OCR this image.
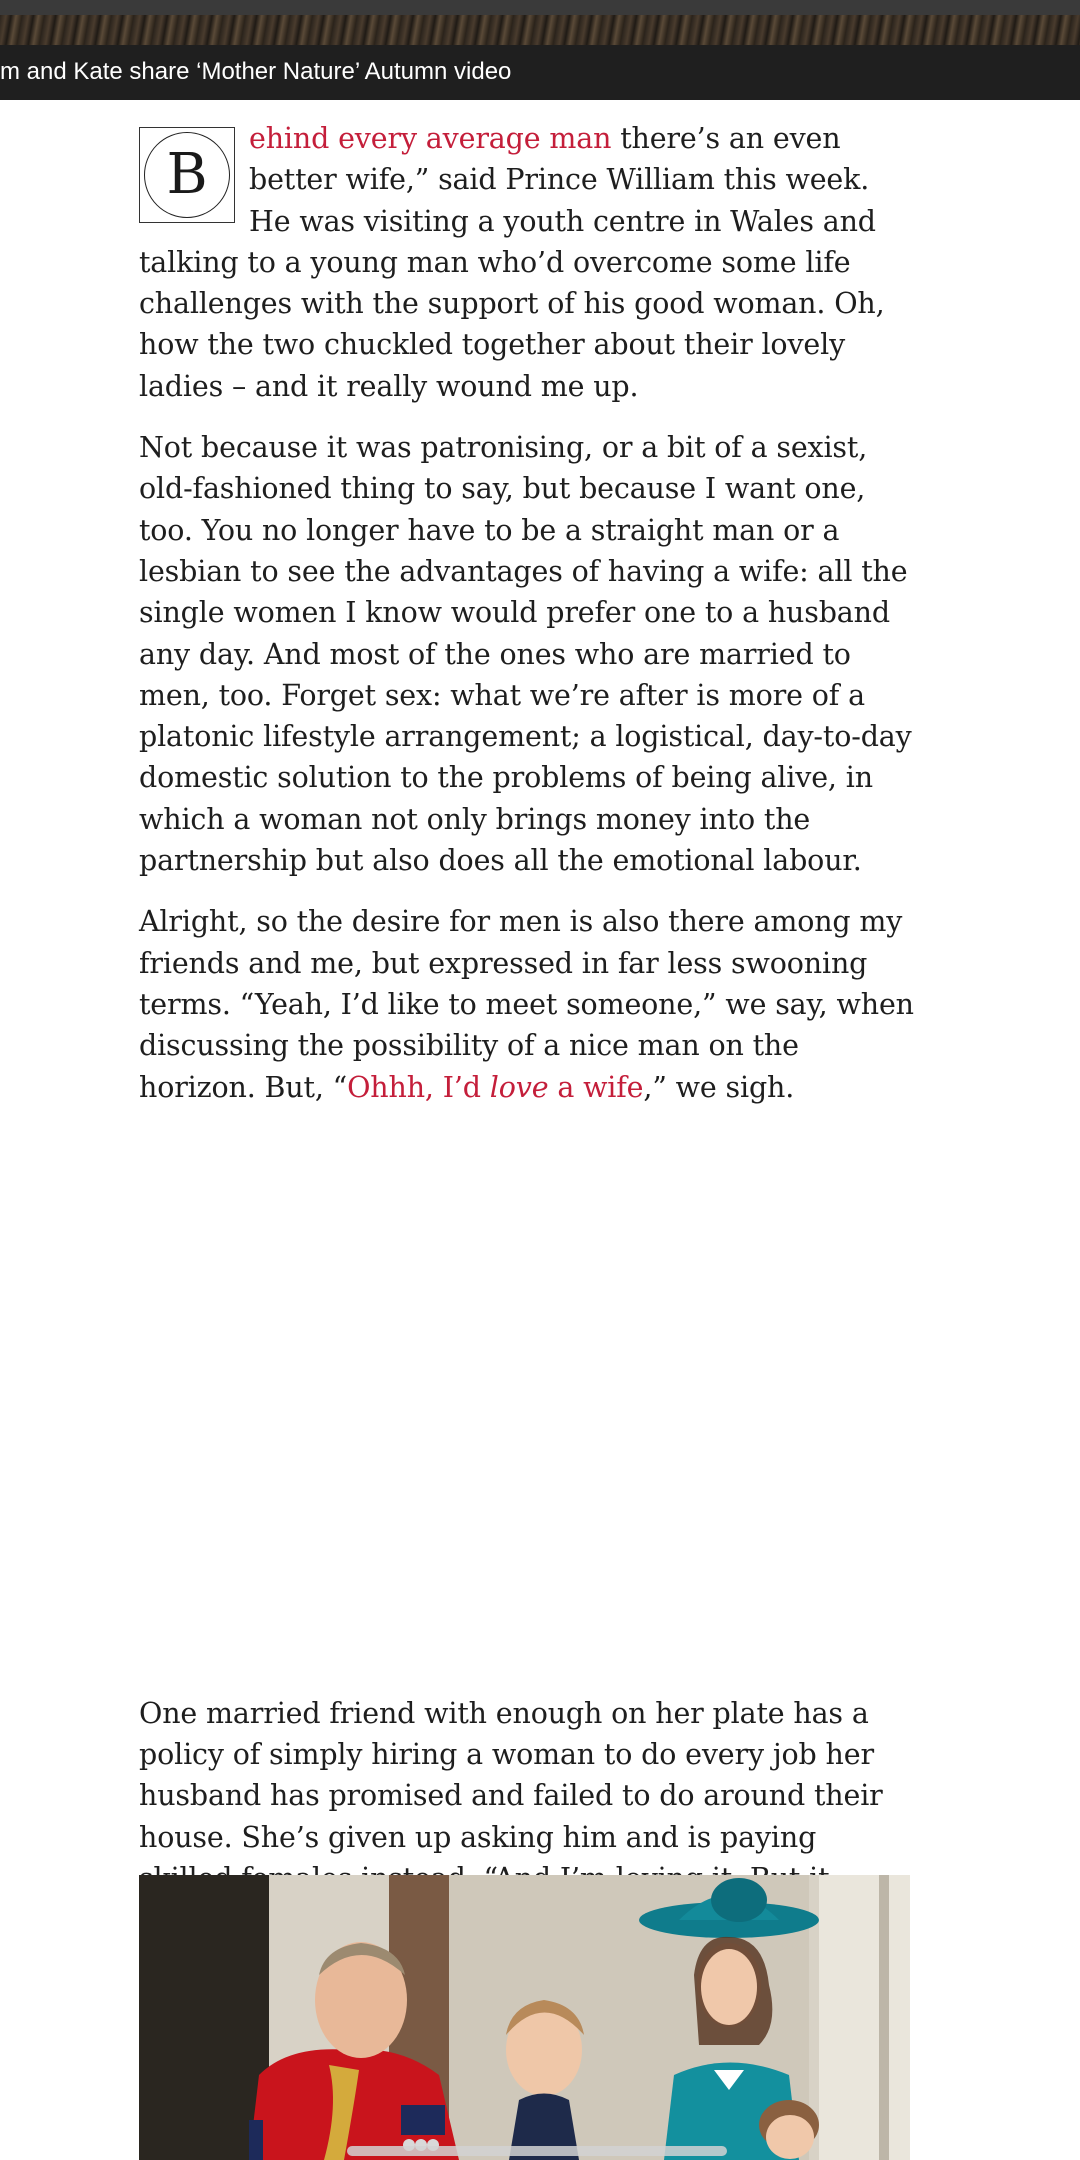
m and Kate share ‘Mother Nature’ Autumn video

B
ehind every average man there’s an even better wife,” said Prince William this week. He was visiting a youth centre in Wales and talking to a young man who’d overcome some life challenges with the support of his good woman. Oh, how the two chuckled together about their lovely ladies – and it really wound me up.

Not because it was patronising, or a bit of a sexist, old-fashioned thing to say, but because I want one, too. You no longer have to be a straight man or a lesbian to see the advantages of having a wife: all the single women I know would prefer one to a husband any day. And most of the ones who are married to men, too. Forget sex: what we’re after is more of a platonic lifestyle arrangement; a logistical, day-to-day domestic solution to the problems of being alive, in which a woman not only brings money into the partnership but also does all the emotional labour.

Alright, so the desire for men is also there among my friends and me, but expressed in far less swooning terms. “Yeah, I’d like to meet someone,” we say, when discussing the possibility of a nice man on the horizon. But, “Ohhh, I’d love a wife,” we sigh.

One married friend with enough on her plate has a policy of simply hiring a woman to do every job her husband has promised and failed to do around their house. She’s given up asking him and is paying
